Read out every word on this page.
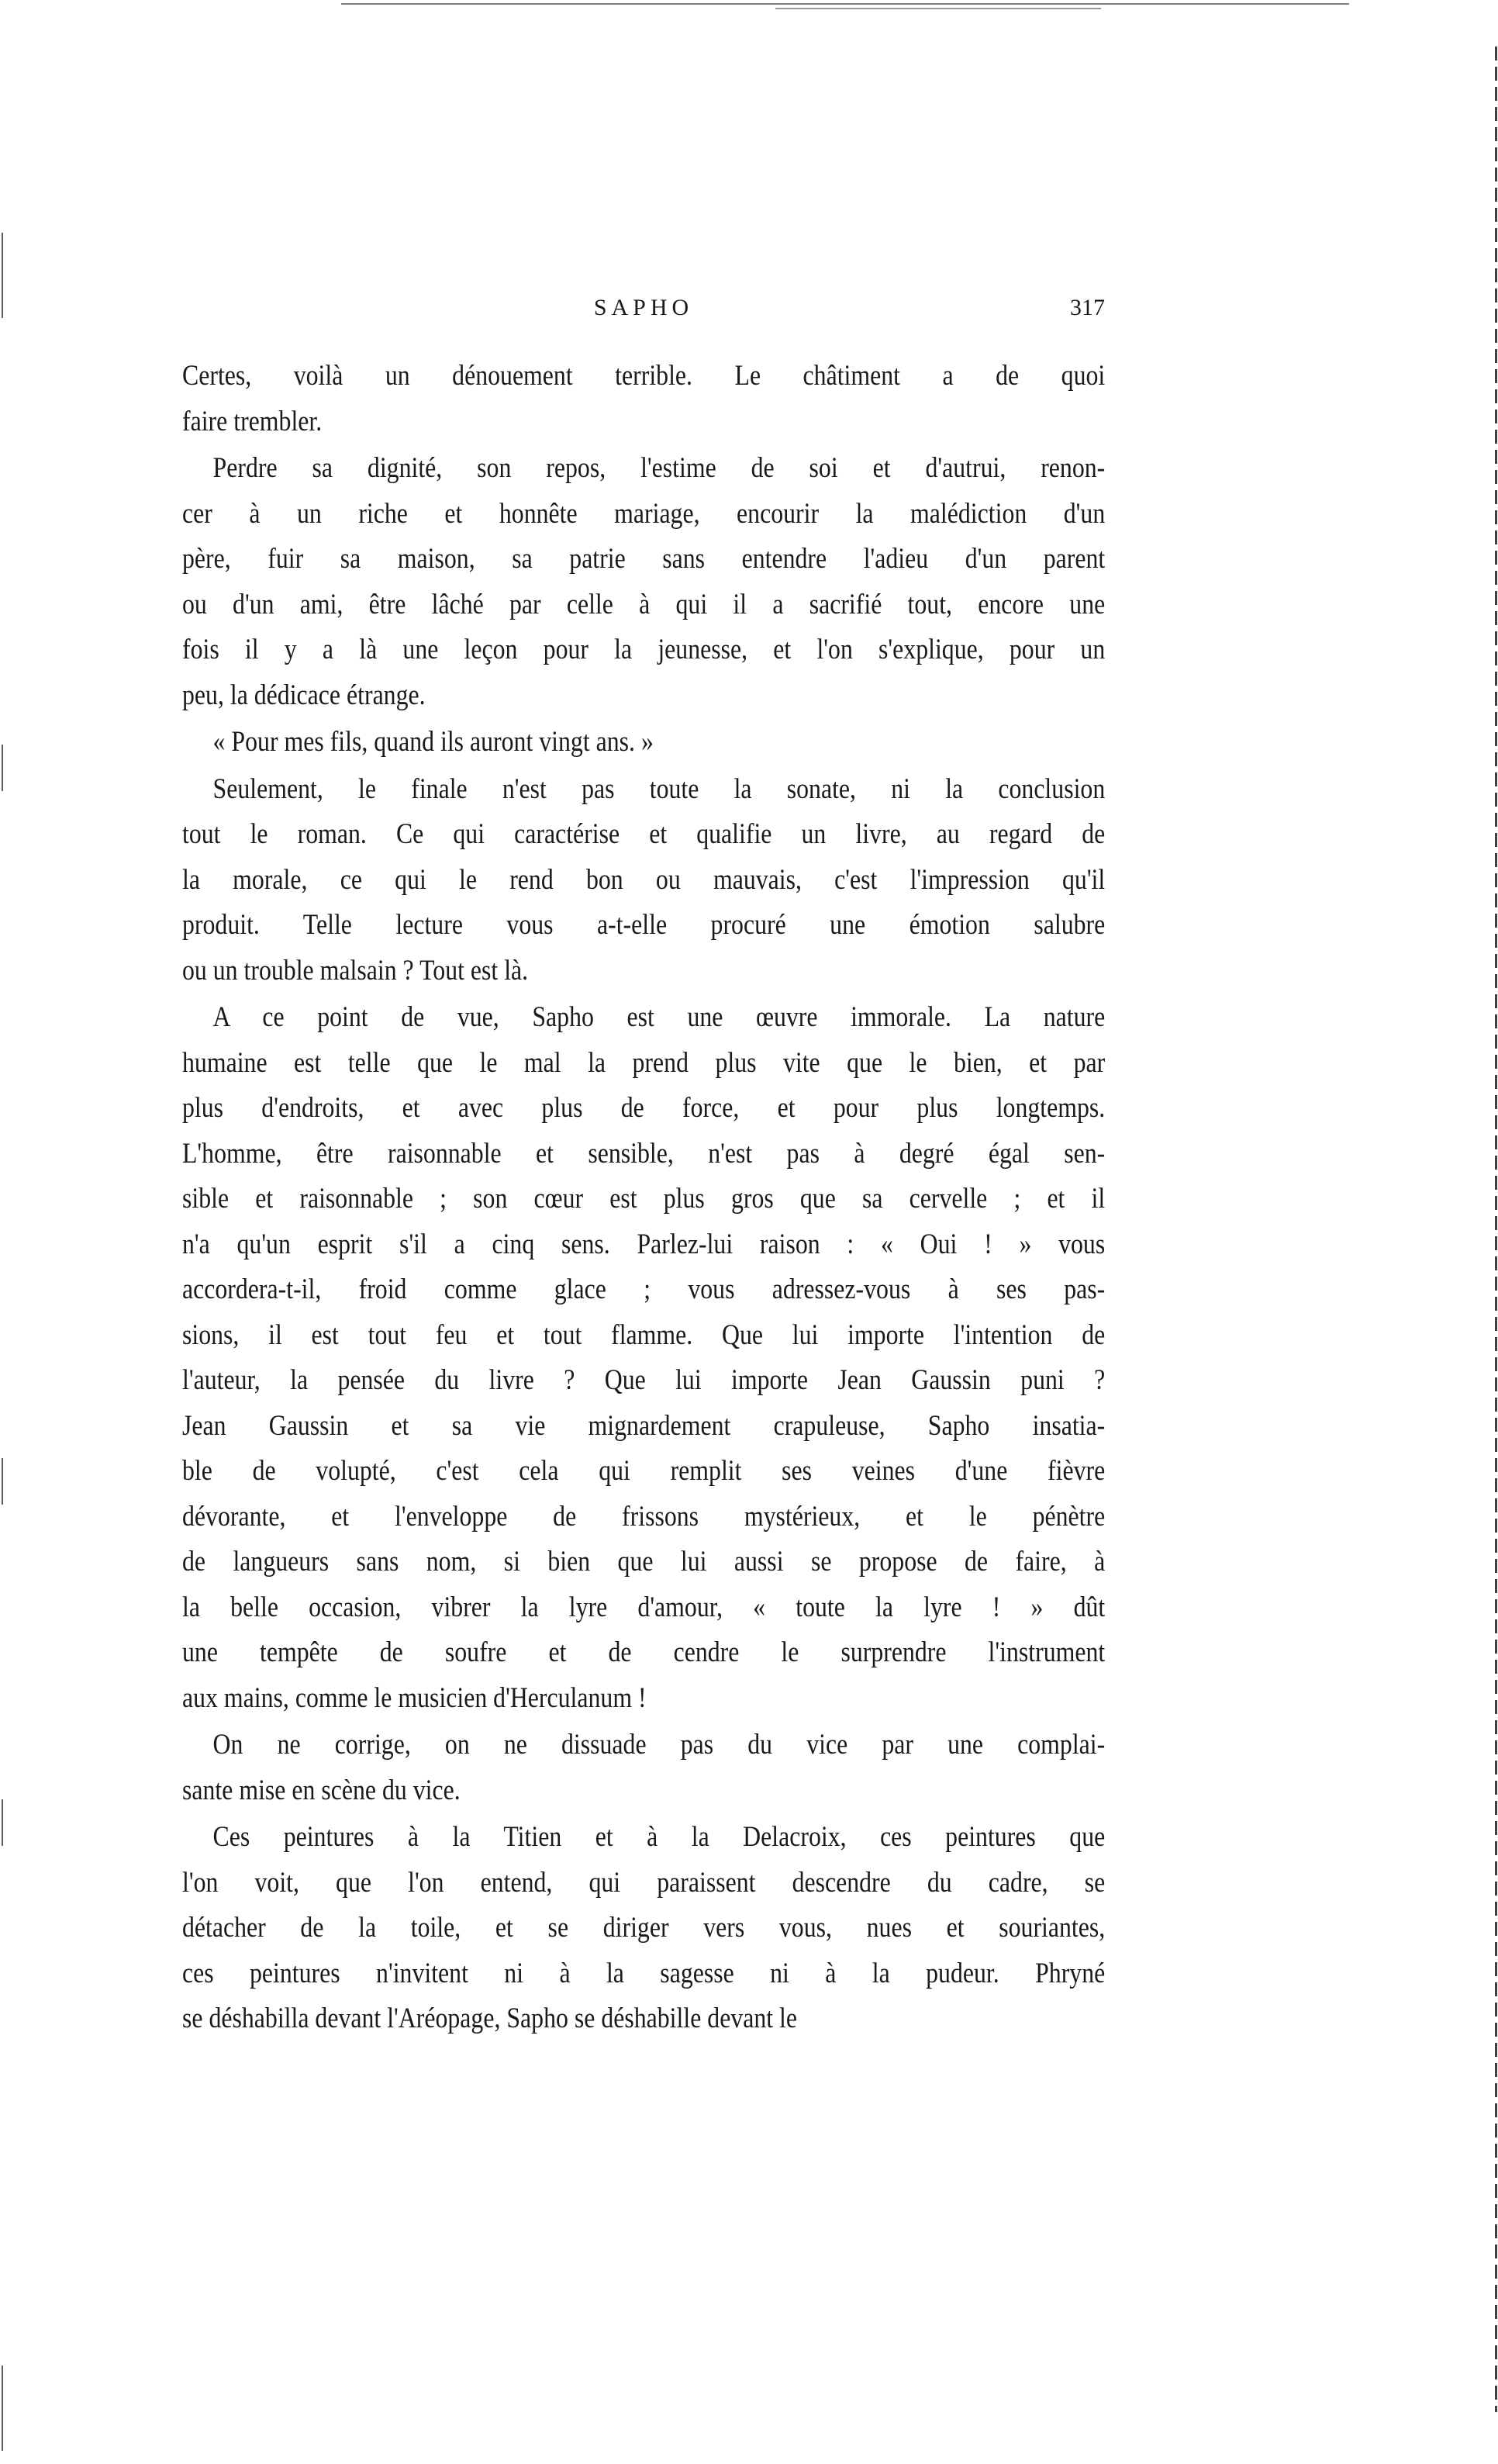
SAPHO	317

Certes, voilà un dénouement terrible. Le châtiment a de quoi
faire trembler.

Perdre sa dignité, son repos, l'estime de soi et d'autrui, renon-
cer à un riche et honnête mariage, encourir la malédiction d'un
père, fuir sa maison, sa patrie sans entendre l'adieu d'un parent
ou d'un ami, être lâché par celle à qui il a sacrifié tout, encore une
fois il y a là une leçon pour la jeunesse, et l'on s'explique, pour un
peu, la dédicace étrange.

« Pour mes fils, quand ils auront vingt ans. »

Seulement, le finale n'est pas toute la sonate, ni la conclusion
tout le roman. Ce qui caractérise et qualifie un livre, au regard de
la morale, ce qui le rend bon ou mauvais, c'est l'impression qu'il
produit. Telle lecture vous a-t-elle procuré une émotion salubre
ou un trouble malsain ? Tout est là.

A ce point de vue, Sapho est une œuvre immorale. La nature
humaine est telle que le mal la prend plus vite que le bien, et par
plus d'endroits, et avec plus de force, et pour plus longtemps.
L'homme, être raisonnable et sensible, n'est pas à degré égal sen-
sible et raisonnable ; son cœur est plus gros que sa cervelle ; et il
n'a qu'un esprit s'il a cinq sens. Parlez-lui raison : « Oui ! » vous
accordera-t-il, froid comme glace ; vous adressez-vous à ses pas-
sions, il est tout feu et tout flamme. Que lui importe l'intention de
l'auteur, la pensée du livre ? Que lui importe Jean Gaussin puni ?
Jean Gaussin et sa vie mignardement crapuleuse, Sapho insatia-
ble de volupté, c'est cela qui remplit ses veines d'une fièvre
dévorante, et l'enveloppe de frissons mystérieux, et le pénètre
de langueurs sans nom, si bien que lui aussi se propose de faire, à
la belle occasion, vibrer la lyre d'amour, « toute la lyre ! » dût
une tempête de soufre et de cendre le surprendre l'instrument
aux mains, comme le musicien d'Herculanum !

On ne corrige, on ne dissuade pas du vice par une complai-
sante mise en scène du vice.

Ces peintures à la Titien et à la Delacroix, ces peintures que
l'on voit, que l'on entend, qui paraissent descendre du cadre, se
détacher de la toile, et se diriger vers vous, nues et souriantes,
ces peintures n'invitent ni à la sagesse ni à la pudeur. Phryné
se déshabilla devant l'Aréopage, Sapho se déshabille devant le
